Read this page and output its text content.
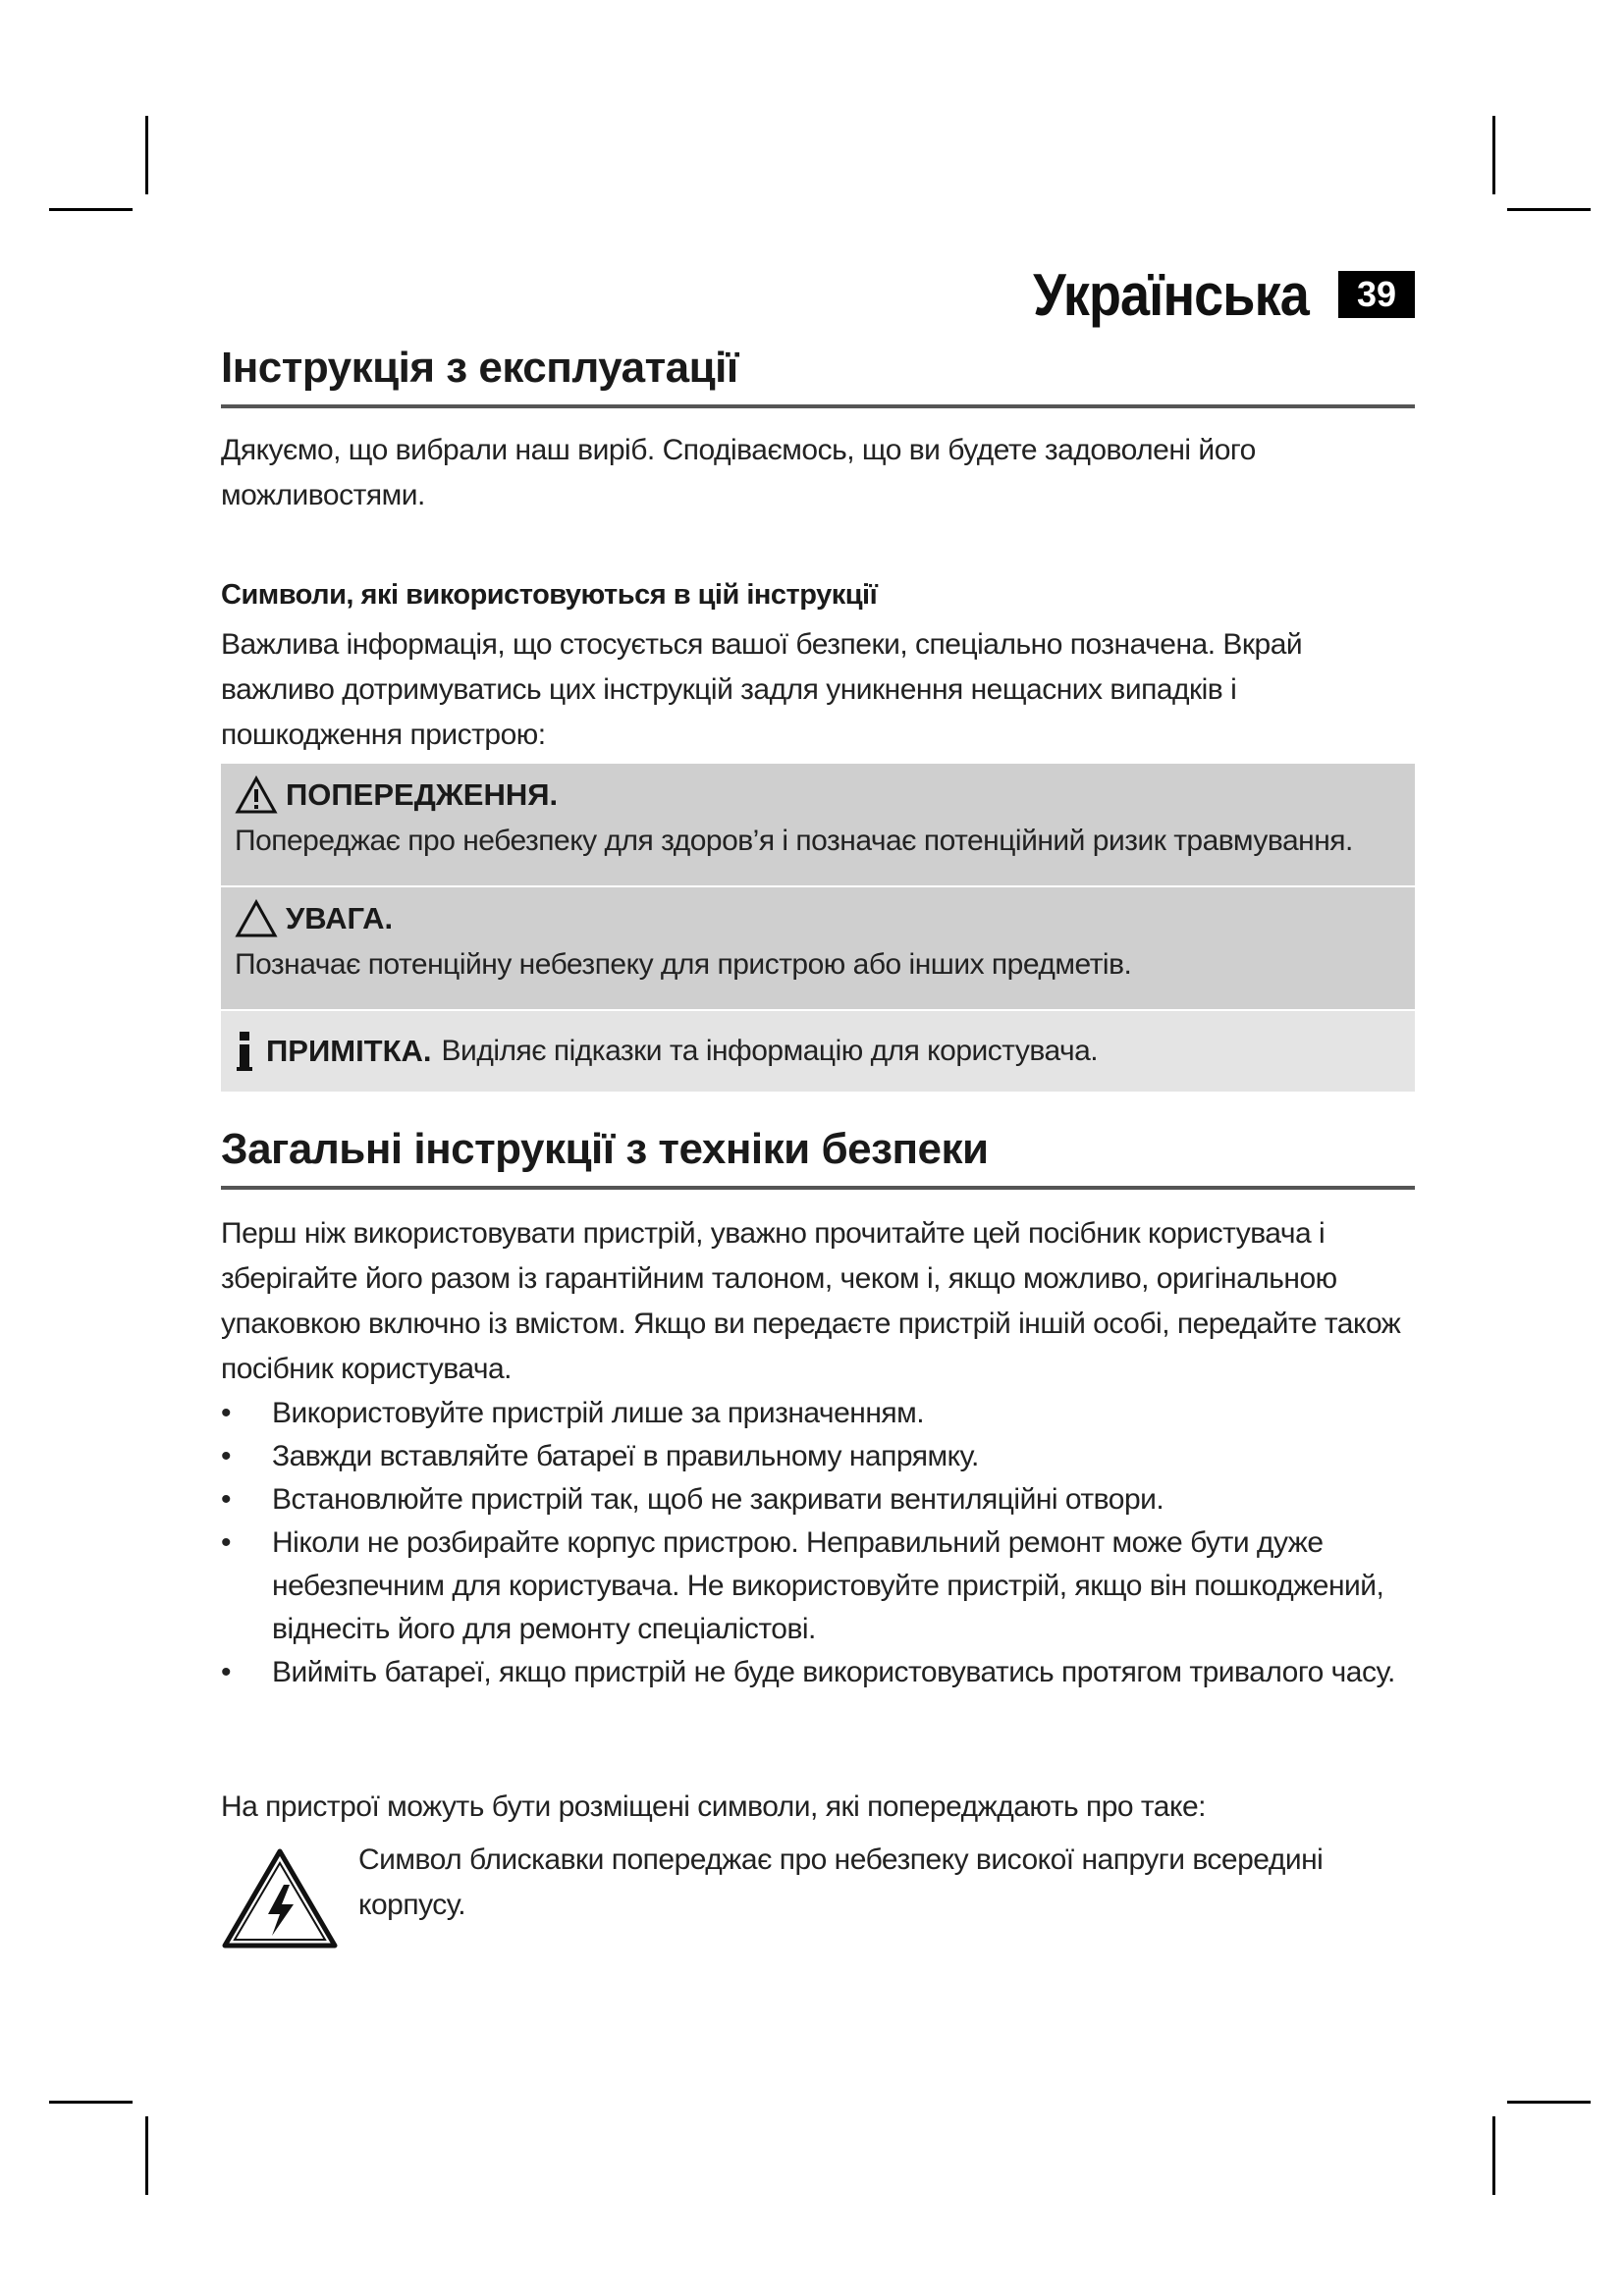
Українська	39
Інструкція з експлуатації

Дякуємо, що вибрали наш виріб. Сподіваємось, що ви будете задоволені його можливостями.

Символи, які використовуються в цій інструкції

Важлива інформація, що стосується вашої безпеки, спеціально позначена. Вкрай важливо дотримуватись цих інструкцій задля уникнення нещасних випадків і пошкодження пристрою:

ПОПЕРЕДЖЕННЯ.
Попереджає про небезпеку для здоров’я і позначає потенційний ризик травмування.
УВАГА.
Позначає потенційну небезпеку для пристрою або інших предметів.
ПРИМІТКА. Виділяє підказки та інформацію для користувача.
Загальні інструкції з техніки безпеки

Перш ніж використовувати пристрій, уважно прочитайте цей посібник користувача і зберігайте його разом із гарантійним талоном, чеком і, якщо можливо, оригінальною упаковкою включно із вмістом. Якщо ви передаєте пристрій іншій особі, передайте також посібник користувача.

• Використовуйте пристрій лише за призначенням.
• Завжди вставляйте батареї в правильному напрямку.
• Встановлюйте пристрій так, щоб не закривати вентиляційні отвори.
• Ніколи не розбирайте корпус пристрою. Неправильний ремонт може бути дуже небезпечним для користувача. Не використовуйте пристрій, якщо він пошкоджений, віднесіть його для ремонту спеціалістові.
• Вийміть батареї, якщо пристрій не буде використовуватись протягом тривалого часу.

На пристрої можуть бути розміщені символи, які попередждають про таке:

Символ блискавки попереджає про небезпеку високої напруги всередині корпусу.
